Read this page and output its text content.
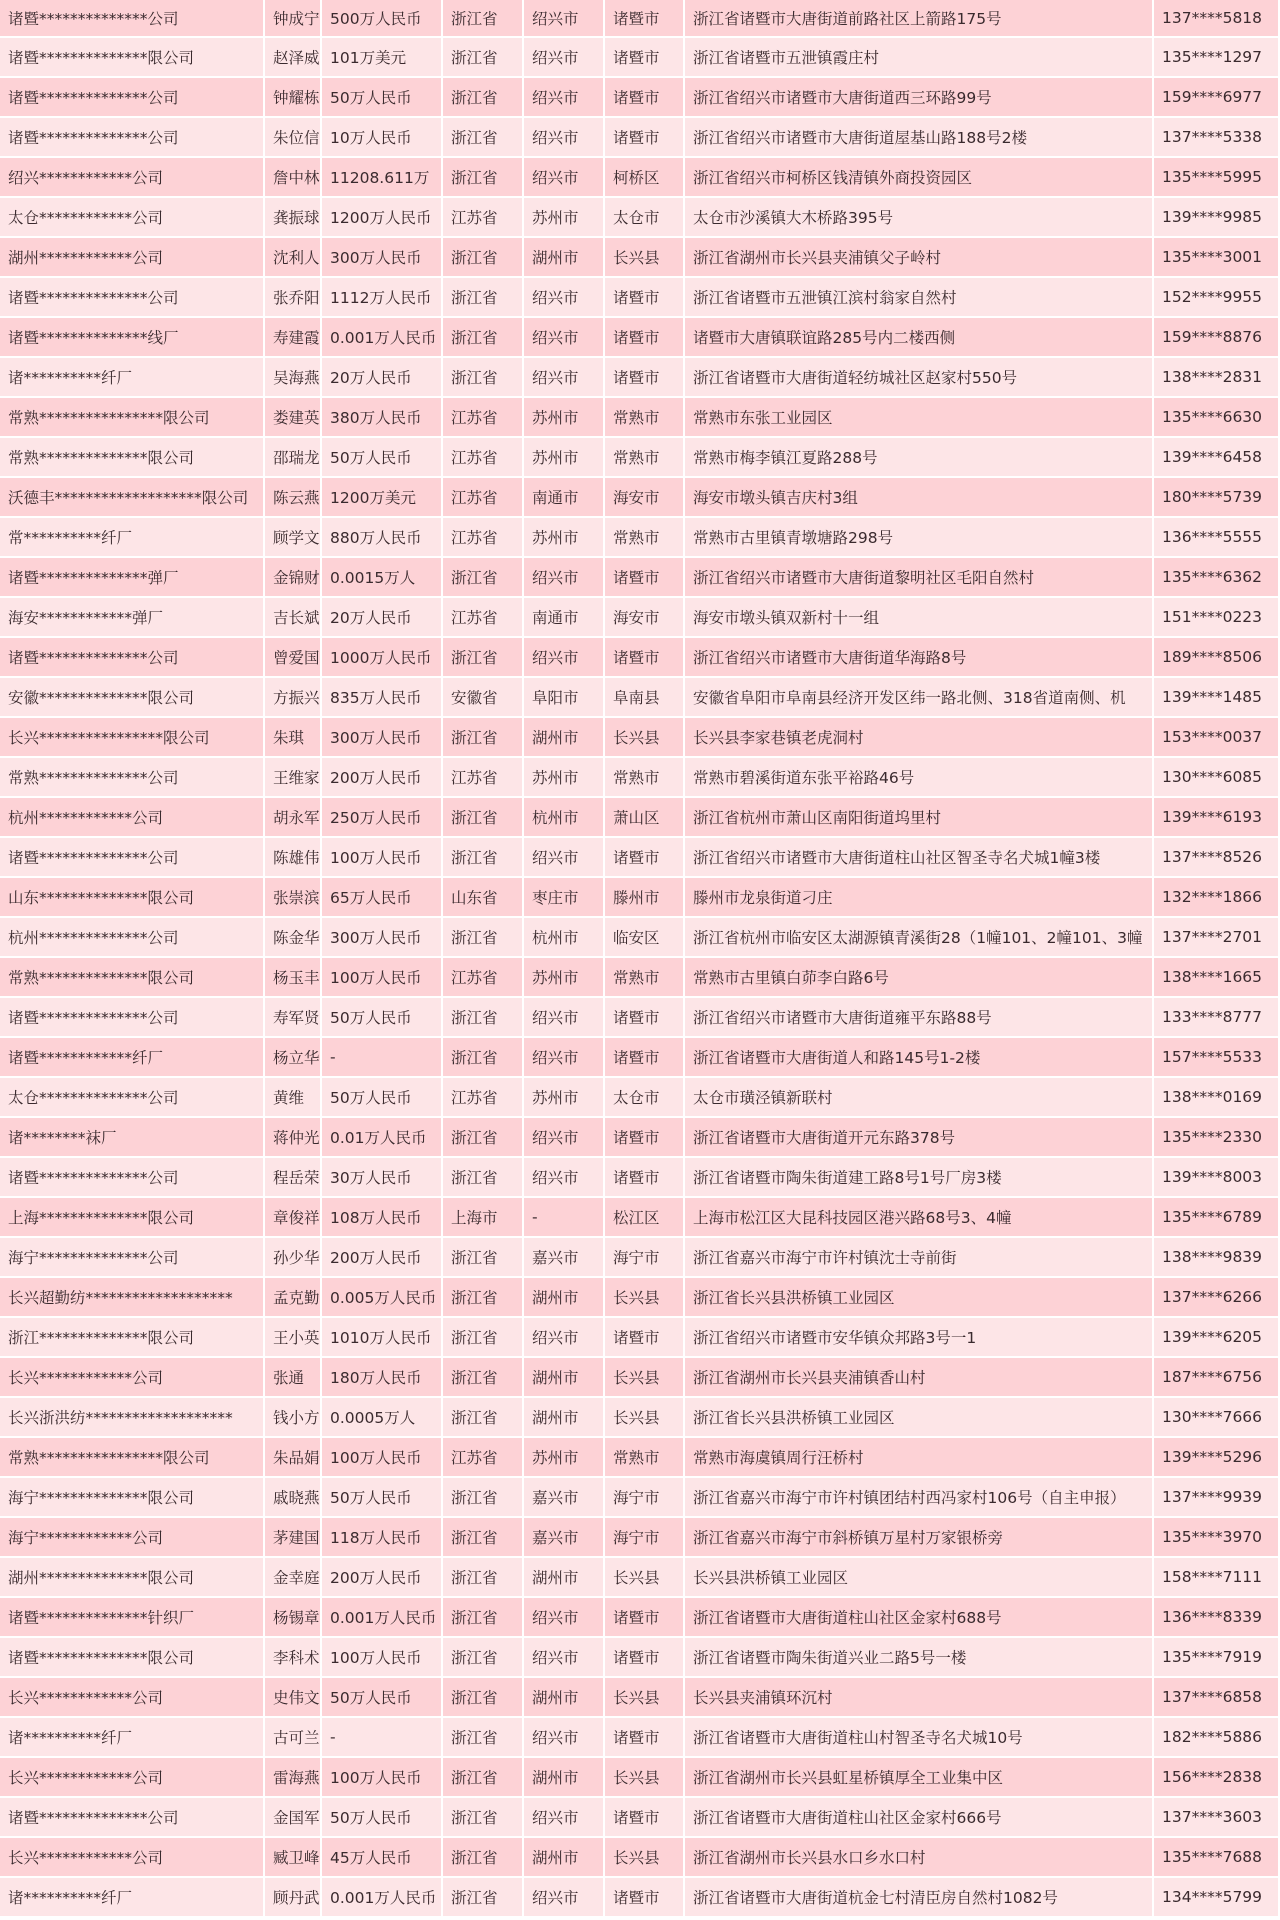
诸暨**************公司	钟成宁	500万人民币	浙江省	绍兴市	诸暨市	浙江省诸暨市大唐街道前路社区上箭路175号	137****5818
诸暨**************限公司	赵泽威	101万美元	浙江省	绍兴市	诸暨市	浙江省诸暨市五泄镇霞庄村	135****1297
诸暨**************公司	钟耀栋	50万人民币	浙江省	绍兴市	诸暨市	浙江省绍兴市诸暨市大唐街道西三环路99号	159****6977
诸暨**************公司	朱位信	10万人民币	浙江省	绍兴市	诸暨市	浙江省绍兴市诸暨市大唐街道屋基山路188号2楼	137****5338
绍兴************公司	詹中林	11208.611万	浙江省	绍兴市	柯桥区	浙江省绍兴市柯桥区钱清镇外商投资园区	135****5995
太仓************公司	龚振球	1200万人民币	江苏省	苏州市	太仓市	太仓市沙溪镇大木桥路395号	139****9985
湖州************公司	沈利人	300万人民币	浙江省	湖州市	长兴县	浙江省湖州市长兴县夹浦镇父子岭村	135****3001
诸暨**************公司	张乔阳	1112万人民币	浙江省	绍兴市	诸暨市	浙江省诸暨市五泄镇江滨村翁家自然村	152****9955
诸暨**************线厂	寿建霞	0.001万人民币	浙江省	绍兴市	诸暨市	诸暨市大唐镇联谊路285号内二楼西侧	159****8876
诸**********纤厂	吴海燕	20万人民币	浙江省	绍兴市	诸暨市	浙江省诸暨市大唐街道轻纺城社区赵家村550号	138****2831
常熟****************限公司	娄建英	380万人民币	江苏省	苏州市	常熟市	常熟市东张工业园区	135****6630
常熟**************限公司	邵瑞龙	50万人民币	江苏省	苏州市	常熟市	常熟市梅李镇江夏路288号	139****6458
沃德丰*******************限公司	陈云燕	1200万美元	江苏省	南通市	海安市	海安市墩头镇吉庆村3组	180****5739
常**********纤厂	顾学文	880万人民币	江苏省	苏州市	常熟市	常熟市古里镇青墩塘路298号	136****5555
诸暨**************弹厂	金锦财	0.0015万人	浙江省	绍兴市	诸暨市	浙江省绍兴市诸暨市大唐街道黎明社区毛阳自然村	135****6362
海安************弹厂	吉长斌	20万人民币	江苏省	南通市	海安市	海安市墩头镇双新村十一组	151****0223
诸暨**************公司	曾爱国	1000万人民币	浙江省	绍兴市	诸暨市	浙江省绍兴市诸暨市大唐街道华海路8号	189****8506
安徽**************限公司	方振兴	835万人民币	安徽省	阜阳市	阜南县	安徽省阜阳市阜南县经济开发区纬一路北侧、318省道南侧、机	139****1485
长兴****************限公司	朱琪	300万人民币	浙江省	湖州市	长兴县	长兴县李家巷镇老虎洞村	153****0037
常熟**************公司	王维家	200万人民币	江苏省	苏州市	常熟市	常熟市碧溪街道东张平裕路46号	130****6085
杭州************公司	胡永军	250万人民币	浙江省	杭州市	萧山区	浙江省杭州市萧山区南阳街道坞里村	139****6193
诸暨**************公司	陈雄伟	100万人民币	浙江省	绍兴市	诸暨市	浙江省绍兴市诸暨市大唐街道柱山社区智圣寺名犬城1幢3楼	137****8526
山东**************限公司	张崇滨	65万人民币	山东省	枣庄市	滕州市	滕州市龙泉街道刁庄	132****1866
杭州**************公司	陈金华	300万人民币	浙江省	杭州市	临安区	浙江省杭州市临安区太湖源镇青溪街28（1幢101、2幢101、3幢	137****2701
常熟**************限公司	杨玉丰	100万人民币	江苏省	苏州市	常熟市	常熟市古里镇白茆李白路6号	138****1665
诸暨**************公司	寿军贤	50万人民币	浙江省	绍兴市	诸暨市	浙江省绍兴市诸暨市大唐街道雍平东路88号	133****8777
诸暨************纤厂	杨立华	-	浙江省	绍兴市	诸暨市	浙江省诸暨市大唐街道人和路145号1-2楼	157****5533
太仓**************公司	黄维	50万人民币	江苏省	苏州市	太仓市	太仓市璜泾镇新联村	138****0169
诸********袜厂	蒋仲光	0.01万人民币	浙江省	绍兴市	诸暨市	浙江省诸暨市大唐街道开元东路378号	135****2330
诸暨**************公司	程岳荣	30万人民币	浙江省	绍兴市	诸暨市	浙江省诸暨市陶朱街道建工路8号1号厂房3楼	139****8003
上海**************限公司	章俊祥	108万人民币	上海市	-	松江区	上海市松江区大昆科技园区港兴路68号3、4幢	135****6789
海宁**************公司	孙少华	200万人民币	浙江省	嘉兴市	海宁市	浙江省嘉兴市海宁市许村镇沈士寺前街	138****9839
长兴超勤纺*******************	孟克勤	0.005万人民币	浙江省	湖州市	长兴县	浙江省长兴县洪桥镇工业园区	137****6266
浙江**************限公司	王小英	1010万人民币	浙江省	绍兴市	诸暨市	浙江省绍兴市诸暨市安华镇众邦路3号一1	139****6205
长兴************公司	张通	180万人民币	浙江省	湖州市	长兴县	浙江省湖州市长兴县夹浦镇香山村	187****6756
长兴浙洪纺*******************	钱小方	0.0005万人	浙江省	湖州市	长兴县	浙江省长兴县洪桥镇工业园区	130****7666
常熟****************限公司	朱品娟	100万人民币	江苏省	苏州市	常熟市	常熟市海虞镇周行汪桥村	139****5296
海宁**************限公司	戚晓燕	50万人民币	浙江省	嘉兴市	海宁市	浙江省嘉兴市海宁市许村镇团结村西冯家村106号（自主申报）	137****9939
海宁************公司	茅建国	118万人民币	浙江省	嘉兴市	海宁市	浙江省嘉兴市海宁市斜桥镇万星村万家银桥旁	135****3970
湖州**************限公司	金幸庭	200万人民币	浙江省	湖州市	长兴县	长兴县洪桥镇工业园区	158****7111
诸暨**************针织厂	杨锡章	0.001万人民币	浙江省	绍兴市	诸暨市	浙江省诸暨市大唐街道柱山社区金家村688号	136****8339
诸暨**************限公司	李科术	100万人民币	浙江省	绍兴市	诸暨市	浙江省诸暨市陶朱街道兴业二路5号一楼	135****7919
长兴************公司	史伟文	50万人民币	浙江省	湖州市	长兴县	长兴县夹浦镇环沉村	137****6858
诸**********纤厂	古可兰	-	浙江省	绍兴市	诸暨市	浙江省诸暨市大唐街道柱山村智圣寺名犬城10号	182****5886
长兴************公司	雷海燕	100万人民币	浙江省	湖州市	长兴县	浙江省湖州市长兴县虹星桥镇厚全工业集中区	156****2838
诸暨**************公司	金国军	50万人民币	浙江省	绍兴市	诸暨市	浙江省诸暨市大唐街道柱山社区金家村666号	137****3603
长兴************公司	臧卫峰	45万人民币	浙江省	湖州市	长兴县	浙江省湖州市长兴县水口乡水口村	135****7688
诸**********纤厂	顾丹武	0.001万人民币	浙江省	绍兴市	诸暨市	浙江省诸暨市大唐街道杭金七村清臣房自然村1082号	134****5799
